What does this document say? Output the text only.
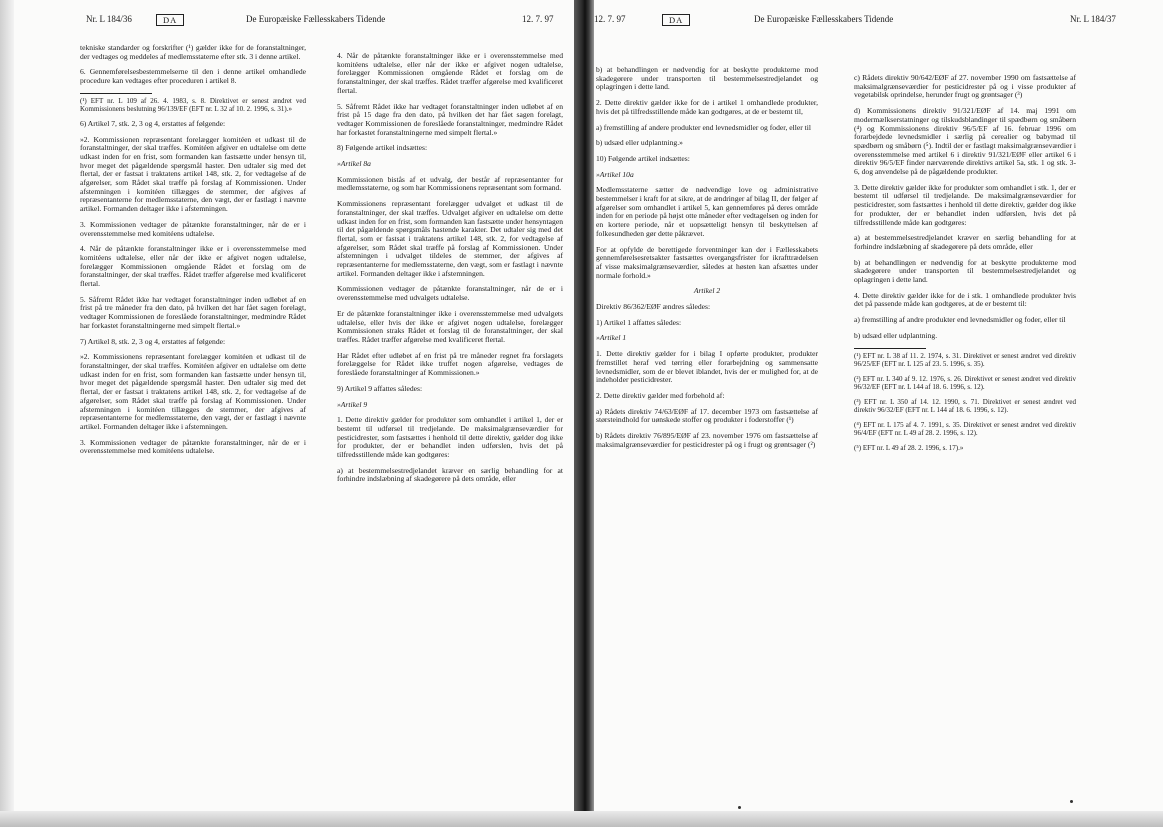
Nr. L 184/36	DA	De Europæiske Fællesskabers Tidende	12. 7. 97

tekniske standarder og forskrifter (¹) gælder ikke for de foranstaltninger, der vedtages og meddeles af medlemsstaterne efter stk. 3 i denne artikel.

6. Gennemførelsesbestemmelserne til den i denne artikel omhandlede procedure kan vedtages efter proceduren i artikel 8.

(¹) EFT nr. L 109 af 26. 4. 1983, s. 8. Direktivet er senest ændret ved Kommissionens beslutning 96/139/EF (EFT nr. L 32 af 10. 2. 1996, s. 31).»

6) Artikel 7, stk. 2, 3 og 4, erstattes af følgende:

»2. Kommissionen repræsentant forelægger komitéen et udkast til de foranstaltninger, der skal træffes. Komitéen afgiver en udtalelse om dette udkast inden for en frist, som formanden kan fastsætte under hensyn til, hvor meget det pågældende spørgsmål haster. Den udtaler sig med det flertal, der er fastsat i traktatens artikel 148, stk. 2, for vedtagelse af de afgørelser, som Rådet skal træffe på forslag af Kommissionen. Under afstemningen i komitéen tillægges de stemmer, der afgives af repræsentanterne for medlemsstaterne, den vægt, der er fastlagt i nævnte artikel. Formanden deltager ikke i afstemningen.

3. Kommissionen vedtager de påtænkte foranstaltninger, når de er i overensstemmelse med komitéens udtalelse.

4. Når de påtænkte foranstaltninger ikke er i overensstemmelse med komitéens udtalelse, eller når der ikke er afgivet nogen udtalelse, forelægger Kommissionen omgående Rådet et forslag om de foranstaltninger, der skal træffes. Rådet træffer afgørelse med kvalificeret flertal.

5. Såfremt Rådet ikke har vedtaget foranstaltninger inden udløbet af en frist på tre måneder fra den dato, på hvilken det har fået sagen forelagt, vedtager Kommissionen de foreslåede foranstaltninger, medmindre Rådet har forkastet foranstaltningerne med simpelt flertal.»

7) Artikel 8, stk. 2, 3 og 4, erstattes af følgende:

»2. Kommissionens repræsentant forelægger komitéen et udkast til de foranstaltninger, der skal træffes. Komitéen afgiver en udtalelse om dette udkast inden for en frist, som formanden kan fastsætte under hensyn til, hvor meget det pågældende spørgsmål haster. Den udtaler sig med det flertal, der er fastsat i traktatens artikel 148, stk. 2, for vedtagelse af de afgørelser, som Rådet skal træffe på forslag af Kommissionen. Under afstemningen i komitéen tillægges de stemmer, der afgives af repræsentanterne for medlemsstaterne, den vægt, der er fastlagt i nævnte artikel. Formanden deltager ikke i afstemningen.

3. Kommissionen vedtager de påtænkte foranstaltninger, når de er i overensstemmelse med komitéens udtalelse.

4. Når de påtænkte foranstaltninger ikke er i overensstemmelse med komitéens udtalelse, eller når der ikke er afgivet nogen udtalelse, forelægger Kommissionen omgående Rådet et forslag om de foranstaltninger, der skal træffes. Rådet træffer afgørelse med kvalificeret flertal.

5. Såfremt Rådet ikke har vedtaget foranstaltninger inden udløbet af en frist på 15 dage fra den dato, på hvilken det har fået sagen forelagt, vedtager Kommissionen de foreslåede foranstaltninger, medmindre Rådet har forkastet foranstaltningerne med simpelt flertal.»

8) Følgende artikel indsættes:

»Artikel 8a

Kommissionen bistås af et udvalg, der består af repræsentanter for medlemsstaterne, og som har Kommissionens repræsentant som formand.

Kommissionens repræsentant forelægger udvalget et udkast til de foranstaltninger, der skal træffes. Udvalget afgiver en udtalelse om dette udkast inden for en frist, som formanden kan fastsætte under hensyntagen til det pågældende spørgsmåls hastende karakter. Det udtaler sig med det flertal, som er fastsat i traktatens artikel 148, stk. 2, for vedtagelse af afgørelser, som Rådet skal træffe på forslag af Kommissionen. Under afstemningen i udvalget tildeles de stemmer, der afgives af repræsentanterne for medlemsstaterne, den vægt, som er fastlagt i nævnte artikel. Formanden deltager ikke i afstemningen.

Kommissionen vedtager de påtænkte foranstaltninger, når de er i overensstemmelse med udvalgets udtalelse.

Er de påtænkte foranstaltninger ikke i overensstemmelse med udvalgets udtalelse, eller hvis der ikke er afgivet nogen udtalelse, forelægger Kommissionen straks Rådet et forslag til de foranstaltninger, der skal træffes. Rådet træffer afgørelse med kvalificeret flertal.

Har Rådet efter udløbet af en frist på tre måneder regnet fra forslagets forelæggelse for Rådet ikke truffet nogen afgørelse, vedtages de foreslåede foranstaltninger af Kommissionen.»

9) Artikel 9 affattes således:

»Artikel 9

1. Dette direktiv gælder for produkter som omhandlet i artikel 1, der er bestemt til udførsel til tredjelande. De maksimalgrænseværdier for pesticidrester, som fastsættes i henhold til dette direktiv, gælder dog ikke for produkter, der er behandlet inden udførslen, hvis det på tilfredsstillende måde kan godtgøres:

a) at bestemmelsestredjelandet kræver en særlig behandling for at forhindre indslæbning af skadegørere på dets område, eller

12. 7. 97	DA	De Europæiske Fællesskabers Tidende	Nr. L 184/37

b) at behandlingen er nødvendig for at beskytte produkterne mod skadegørere under transporten til bestemmelsestredjelandet og oplagringen i dette land.

2. Dette direktiv gælder ikke for de i artikel 1 omhandlede produkter, hvis det på tilfredsstillende måde kan godtgøres, at de er bestemt til,

a) fremstilling af andere produkter end levnedsmidler og foder, eller til

b) udsæd eller udplantning.»

10) Følgende artikel indsættes:

»Artikel 10a

Medlemsstaterne sætter de nødvendige love og administrative bestemmelser i kraft for at sikre, at de ændringer af bilag II, der følger af afgørelser som omhandlet i artikel 5, kan gennemføres på deres område inden for en periode på højst otte måneder efter vedtagelsen og inden for en kortere periode, når et uopsætteligt hensyn til beskyttelsen af folkesundheden gør dette påkrævet.

For at opfylde de berettigede forventninger kan der i Fællesskabets gennemførelsesretsakter fastsættes overgangsfrister for ikrafttrædelsen af visse maksimalgrænseværdier, således at høsten kan afsættes under normale forhold.»

Artikel 2

Direktiv 86/362/EØF ændres således:

1) Artikel 1 affattes således:

»Artikel 1

1. Dette direktiv gælder for i bilag I opførte produkter, produkter fremstillet heraf ved tørring eller forarbejdning og sammensatte levnedsmidler, som de er blevet iblandet, hvis der er mulighed for, at de indeholder pesticidrester.

2. Dette direktiv gælder med forbehold af:

a) Rådets direktiv 74/63/EØF af 17. december 1973 om fastsættelse af størsteindhold for uønskede stoffer og produkter i foderstoffer (¹)

b) Rådets direktiv 76/895/EØF af 23. november 1976 om fastsættelse af maksimalgrænseværdier for pesticidrester på og i frugt og grøntsager (²)

c) Rådets direktiv 90/642/EØF af 27. november 1990 om fastsættelse af maksimalgrænseværdier for pesticidrester på og i visse produkter af vegetabilsk oprindelse, herunder frugt og grøntsager (³)

d) Kommissionens direktiv 91/321/EØF af 14. maj 1991 om modermælkserstatninger og tilskudsblandinger til spædbørn og småbørn (⁴) og Kommissionens direktiv 96/5/EF af 16. februar 1996 om forarbejdede levnedsmidler i særlig på cerealier og babymad til spædbørn og småbørn (⁵). Indtil der er fastlagt maksimalgrænseværdier i overensstemmelse med artikel 6 i direktiv 91/321/EØF eller artikel 6 i direktiv 96/5/EF finder nærværende direktivs artikel 5a, stk. 1 og stk. 3-6, dog anvendelse på de pågældende produkter.

3. Dette direktiv gælder ikke for produkter som omhandlet i stk. 1, der er bestemt til udførsel til tredjelande. De maksimalgrænseværdier for pesticidrester, som fastsættes i henhold til dette direktiv, gælder dog ikke for produkter, der er behandlet inden udførslen, hvis det på tilfredsstillende måde kan godtgøres:

a) at bestemmelsestredjelandet kræver en særlig behandling for at forhindre indslæbning af skadegørere på dets område, eller

b) at behandlingen er nødvendig for at beskytte produkterne mod skadegørere under transporten til bestemmelsestredjelandet og oplagringen i dette land.

4. Dette direktiv gælder ikke for de i stk. 1 omhandlede produkter hvis det på passende måde kan godtgøres, at de er bestemt til:

a) fremstilling af andre produkter end levnedsmidler og foder, eller til

b) udsæd eller udplantning.

(¹) EFT nr. L 38 af 11. 2. 1974, s. 31. Direktivet er senest ændret ved direktiv 96/25/EF (EFT nr. L 125 af 23. 5. 1996, s. 35).

(²) EFT nr. L 340 af 9. 12. 1976, s. 26. Direktivet er senest ændret ved direktiv 96/32/EF (EFT nr. L 144 af 18. 6. 1996, s. 12).

(³) EFT nr. L 350 af 14. 12. 1990, s. 71. Direktivet er senest ændret ved direktiv 96/32/EF (EFT nr. L 144 af 18. 6. 1996, s. 12).

(⁴) EFT nr. L 175 af 4. 7. 1991, s. 35. Direktivet er senest ændret ved direktiv 96/4/EF (EFT nr. L 49 af 28. 2. 1996, s. 12).

(⁵) EFT nr. L 49 af 28. 2. 1996, s. 17).»
